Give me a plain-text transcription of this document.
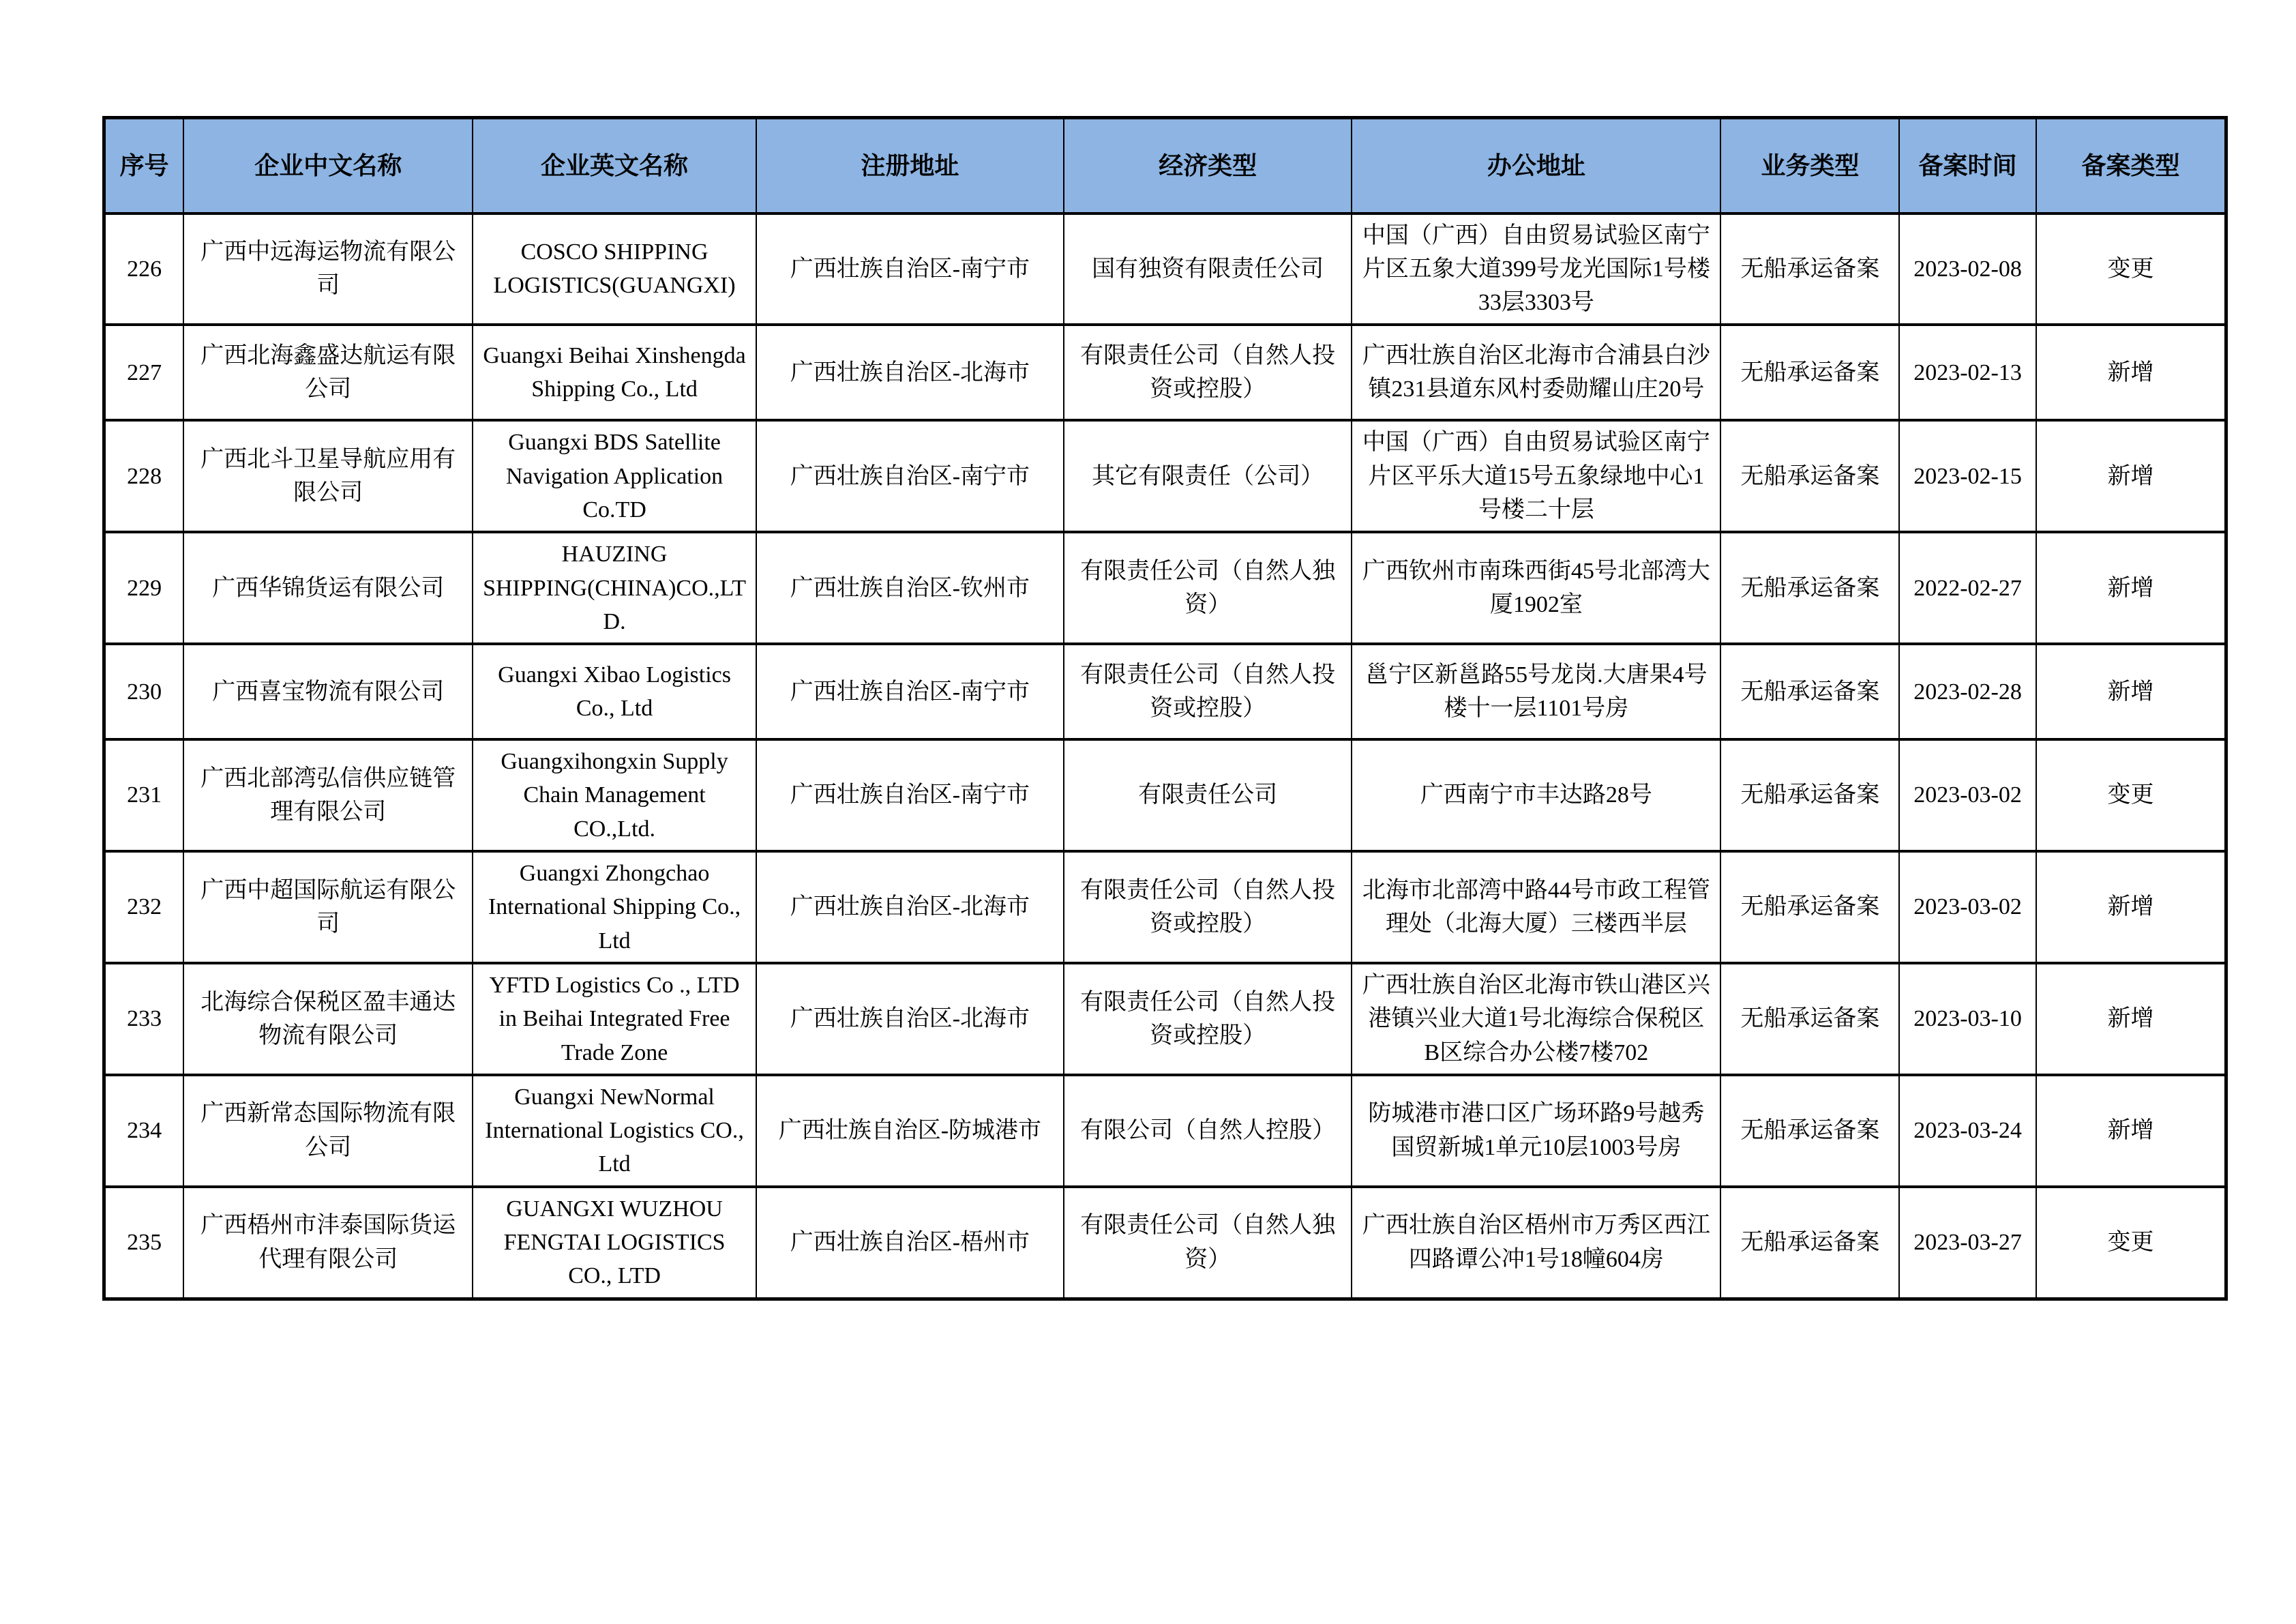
序号	企业中文名称	企业英文名称	注册地址	经济类型	办公地址	业务类型	备案时间	备案类型
226	广西中远海运物流有限公司	COSCO SHIPPING LOGISTICS(GUANGXI)	广西壮族自治区-南宁市	国有独资有限责任公司	中国（广西）自由贸易试验区南宁片区五象大道399号龙光国际1号楼33层3303号	无船承运备案	2023-02-08	变更
227	广西北海鑫盛达航运有限公司	Guangxi Beihai Xinshengda Shipping Co., Ltd	广西壮族自治区-北海市	有限责任公司（自然人投资或控股）	广西壮族自治区北海市合浦县白沙镇231县道东风村委勋耀山庄20号	无船承运备案	2023-02-13	新增
228	广西北斗卫星导航应用有限公司	Guangxi BDS Satellite Navigation Application Co.TD	广西壮族自治区-南宁市	其它有限责任（公司）	中国（广西）自由贸易试验区南宁片区平乐大道15号五象绿地中心1号楼二十层	无船承运备案	2023-02-15	新增
229	广西华锦货运有限公司	HAUZING SHIPPING(CHINA)CO.,LTD.	广西壮族自治区-钦州市	有限责任公司（自然人独资）	广西钦州市南珠西街45号北部湾大厦1902室	无船承运备案	2022-02-27	新增
230	广西喜宝物流有限公司	Guangxi Xibao Logistics Co., Ltd	广西壮族自治区-南宁市	有限责任公司（自然人投资或控股）	邕宁区新邕路55号龙岗.大唐果4号楼十一层1101号房	无船承运备案	2023-02-28	新增
231	广西北部湾弘信供应链管理有限公司	Guangxihongxin Supply Chain Management CO.,Ltd.	广西壮族自治区-南宁市	有限责任公司	广西南宁市丰达路28号	无船承运备案	2023-03-02	变更
232	广西中超国际航运有限公司	Guangxi Zhongchao International Shipping Co., Ltd	广西壮族自治区-北海市	有限责任公司（自然人投资或控股）	北海市北部湾中路44号市政工程管理处（北海大厦）三楼西半层	无船承运备案	2023-03-02	新增
233	北海综合保税区盈丰通达物流有限公司	YFTD Logistics Co ., LTD in Beihai Integrated Free Trade Zone	广西壮族自治区-北海市	有限责任公司（自然人投资或控股）	广西壮族自治区北海市铁山港区兴港镇兴业大道1号北海综合保税区B区综合办公楼7楼702	无船承运备案	2023-03-10	新增
234	广西新常态国际物流有限公司	Guangxi NewNormal International Logistics CO., Ltd	广西壮族自治区-防城港市	有限公司（自然人控股）	防城港市港口区广场环路9号越秀国贸新城1单元10层1003号房	无船承运备案	2023-03-24	新增
235	广西梧州市沣泰国际货运代理有限公司	GUANGXI WUZHOU FENGTAI LOGISTICS CO., LTD	广西壮族自治区-梧州市	有限责任公司（自然人独资）	广西壮族自治区梧州市万秀区西江四路谭公冲1号18幢604房	无船承运备案	2023-03-27	变更
